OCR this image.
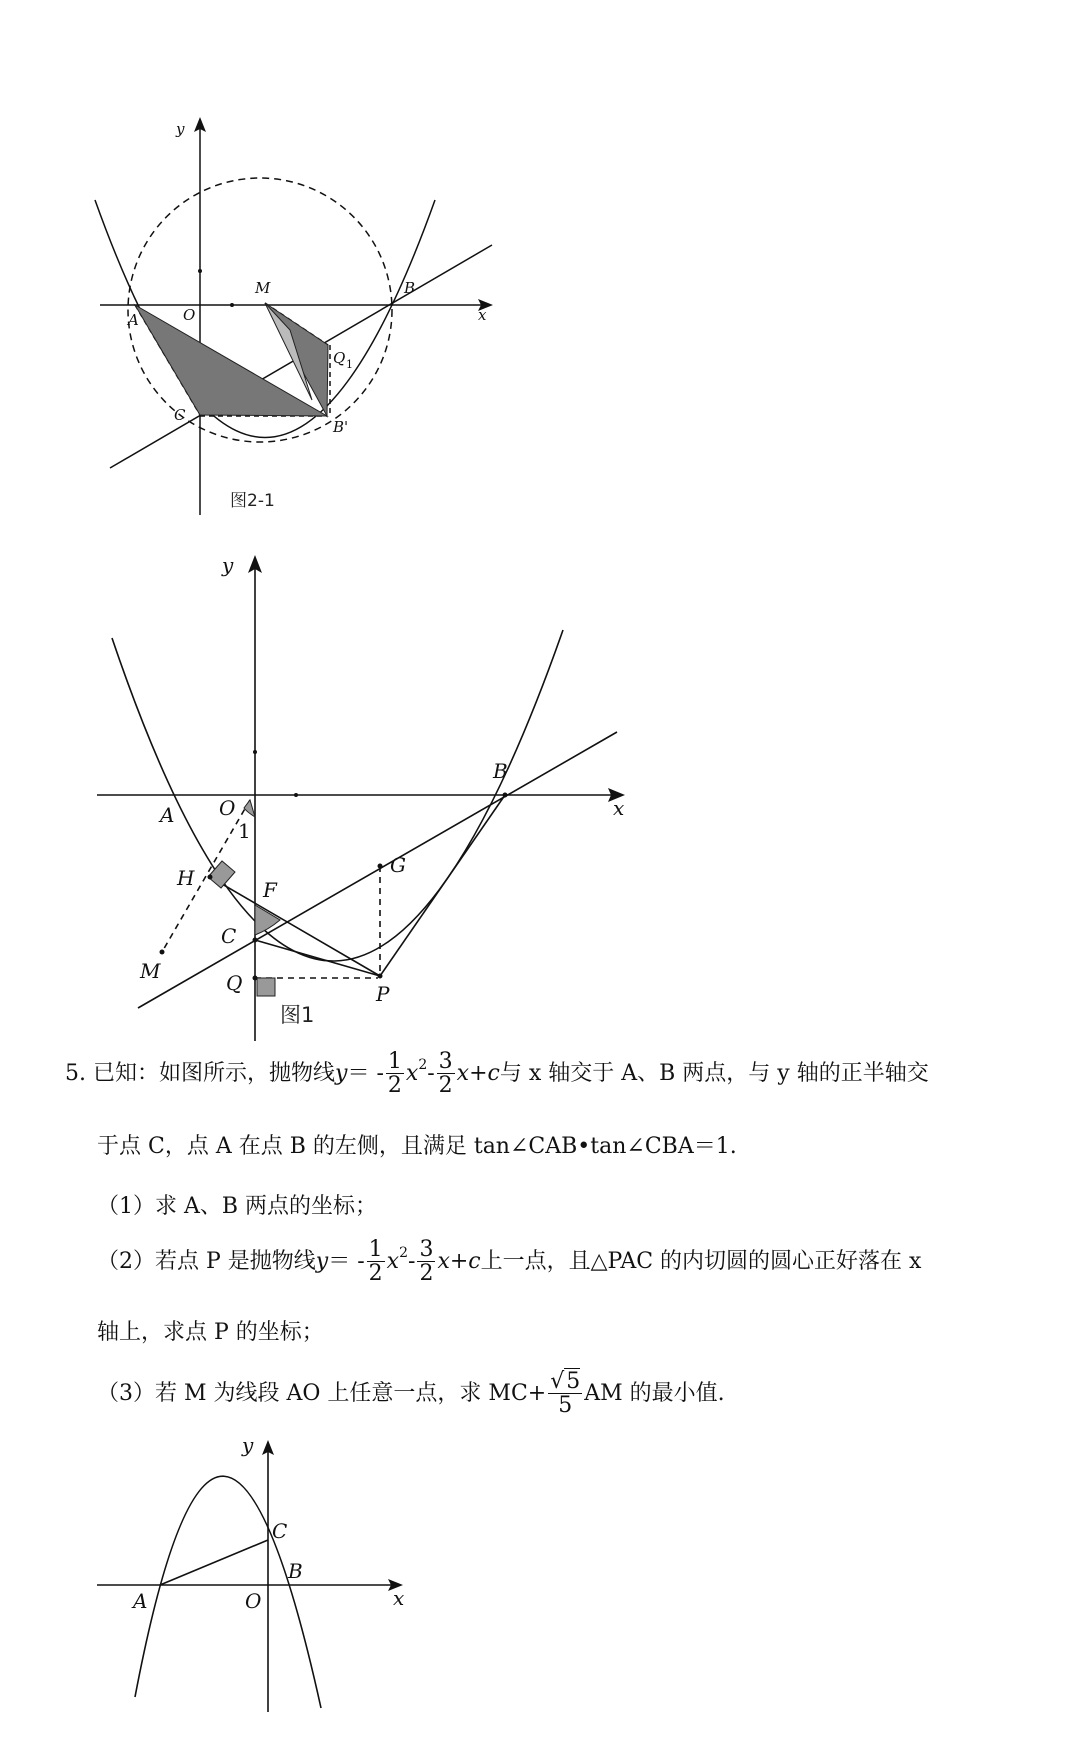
y
x
O
A
M	B
Q 1
C
B'
图2-1
y
x
O
1
A
B
H
G
F
C
M	Q	P
图1
5.
已知：如图所示，抛物线 y ＝ - $\frac{1}{2}$ x $2 - \frac{3}{2} x+c$ 与 x 轴交于 A、B 两点，与 y 轴的正半轴交
于点 C，点 A 在点 B 的左侧，且满足 tan∠CAB•tan∠CBA＝1.
（1）求 A、B 两点的坐标；
（2）若点 P 是抛物线 y ＝ - $\frac{1}{2}$ x $2 - \frac{3}{2} x+c$ 上一点，且△PAC 的内切圆的圆心正好落在 x
轴上，求点 P 的坐标；
（3）若 M 为线段 AO 上任意一点，求 $MC+ \frac{√5}{5}$ AM 的最小值.
y
x
A	O
B
C
